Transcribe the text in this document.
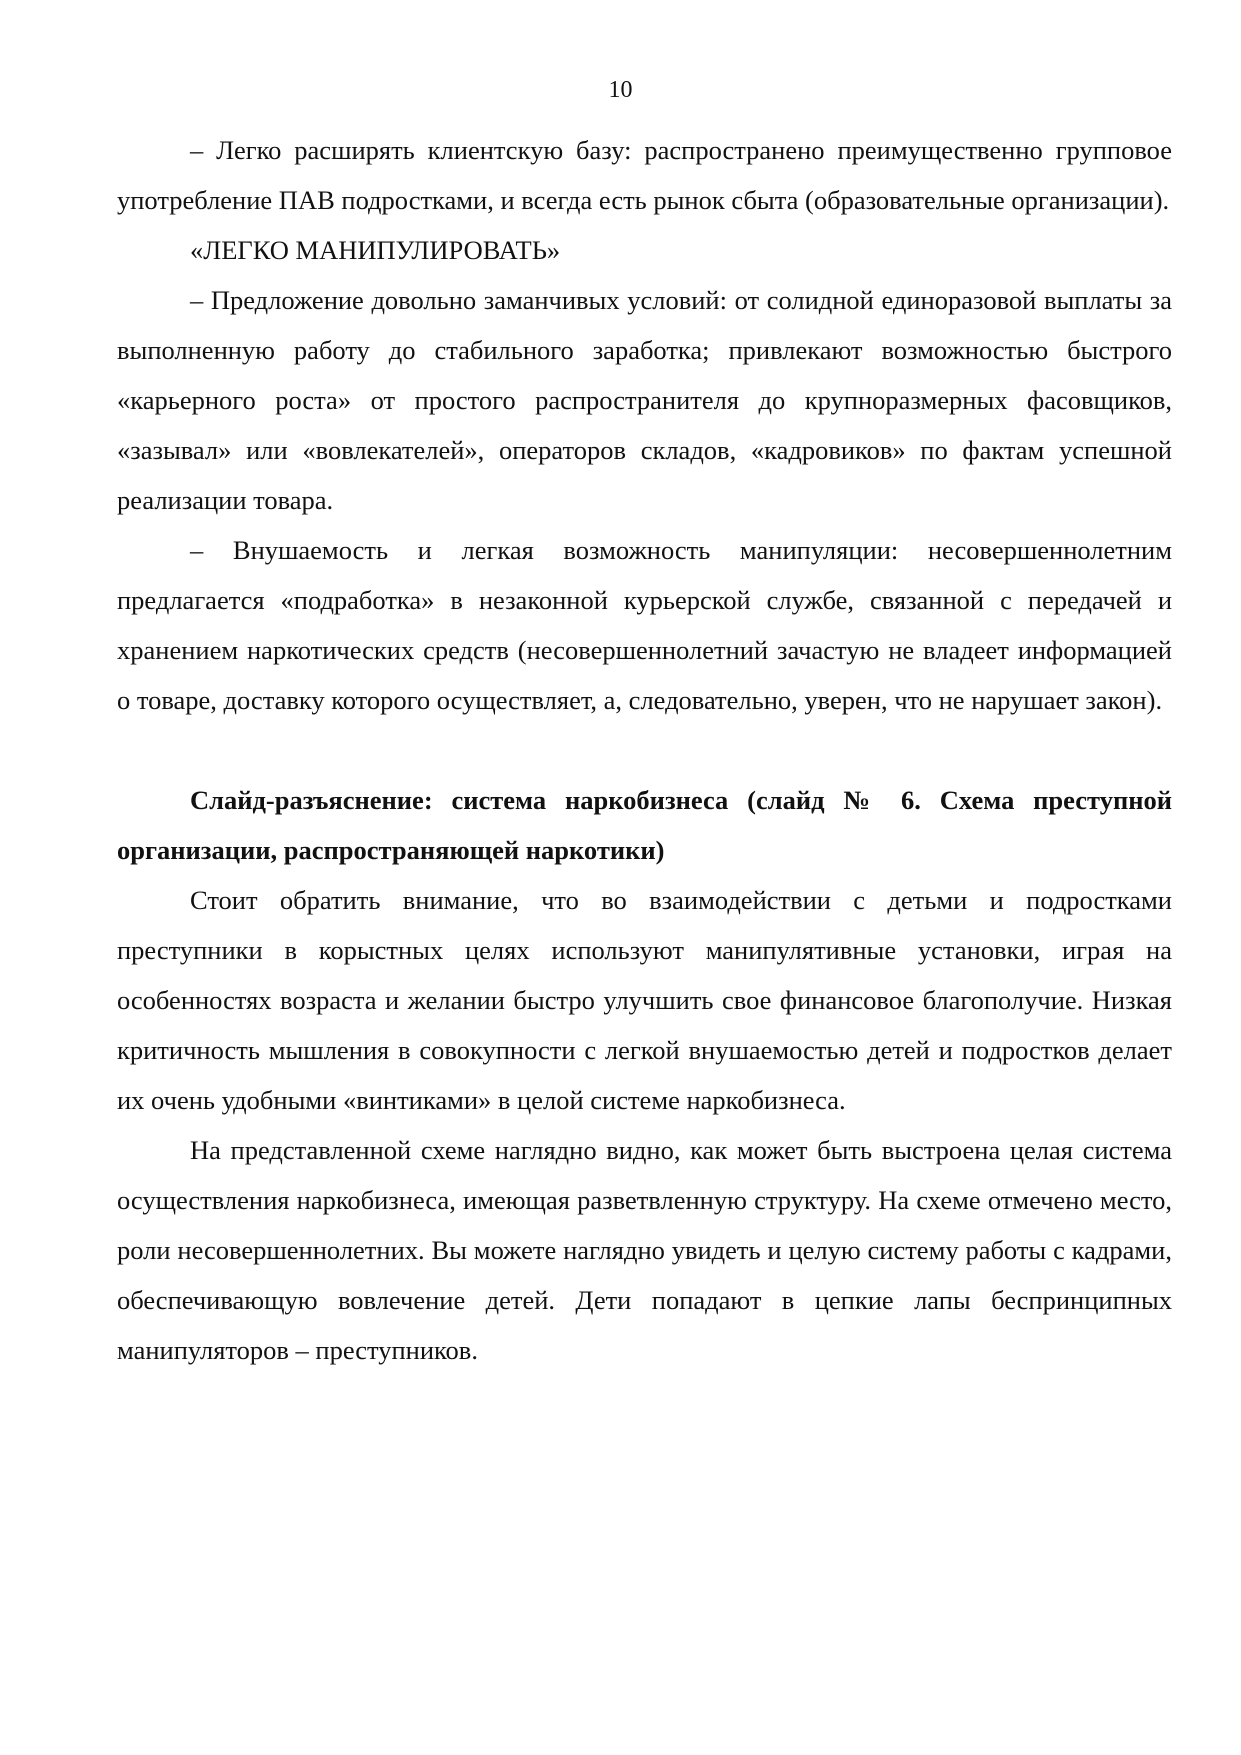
10

– Легко расширять клиентскую базу: распространено преимущественно групповое употребление ПАВ подростками, и всегда есть рынок сбыта (образовательные организации).

«ЛЕГКО МАНИПУЛИРОВАТЬ»

– Предложение довольно заманчивых условий: от солидной единоразовой выплаты за выполненную работу до стабильного заработка; привлекают возможностью быстрого «карьерного роста» от простого распространителя до крупноразмерных фасовщиков, «зазывал» или «вовлекателей», операторов складов, «кадровиков» по фактам успешной реализации товара.

– Внушаемость и легкая возможность манипуляции: несовершеннолетним предлагается «подработка» в незаконной курьерской службе, связанной с передачей и хранением наркотических средств (несовершеннолетний зачастую не владеет информацией о товаре, доставку которого осуществляет, а, следовательно, уверен, что не нарушает закон).

Слайд-разъяснение: система наркобизнеса (слайд № 6. Схема преступной организации, распространяющей наркотики)

Стоит обратить внимание, что во взаимодействии с детьми и подростками преступники в корыстных целях используют манипулятивные установки, играя на особенностях возраста и желании быстро улучшить свое финансовое благополучие. Низкая критичность мышления в совокупности с легкой внушаемостью детей и подростков делает их очень удобными «винтиками» в целой системе наркобизнеса.

На представленной схеме наглядно видно, как может быть выстроена целая система осуществления наркобизнеса, имеющая разветвленную структуру. На схеме отмечено место, роли несовершеннолетних. Вы можете наглядно увидеть и целую систему работы с кадрами, обеспечивающую вовлечение детей. Дети попадают в цепкие лапы беспринципных манипуляторов – преступников.
